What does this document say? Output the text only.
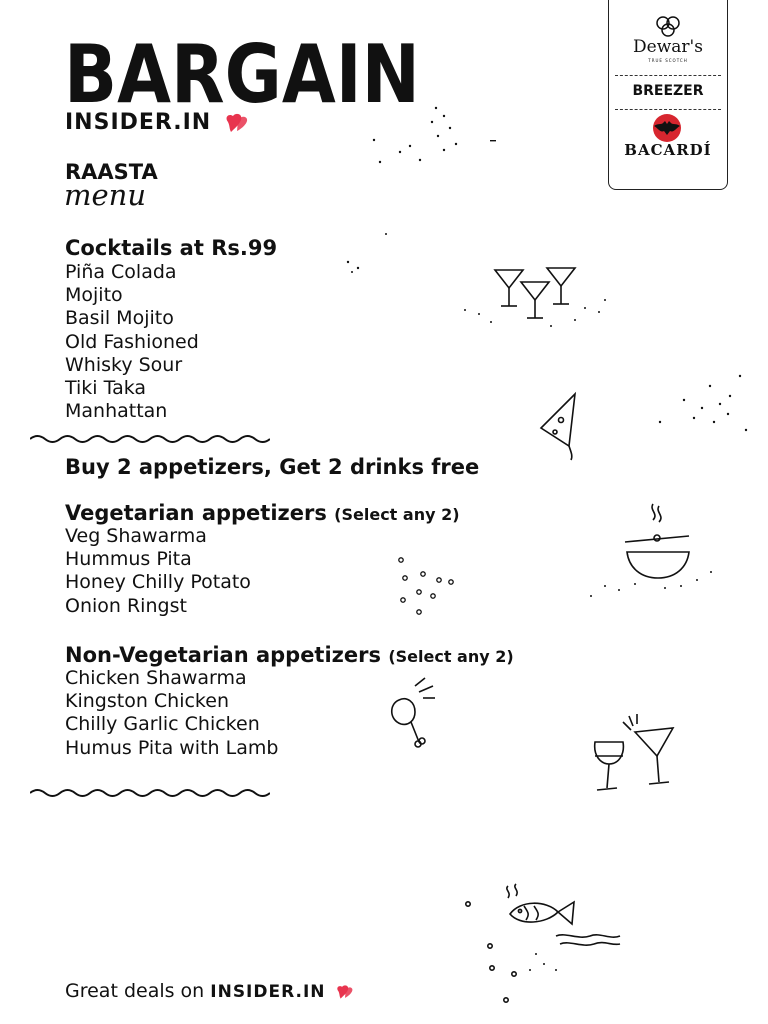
BARGAIN
INSIDER.IN
Dewar's
TRUE SCOTCH
BREEZER
BACARDÍ
RAASTA
menu
Cocktails at Rs.99
Piña Colada
Mojito
Basil Mojito
Old Fashioned
Whisky Sour
Tiki Taka
Manhattan
Buy 2 appetizers, Get 2 drinks free
Vegetarian appetizers (Select any 2)
Veg Shawarma
Hummus Pita
Honey Chilly Potato
Onion Ringst
Non-Vegetarian appetizers (Select any 2)
Chicken Shawarma
Kingston Chicken
Chilly Garlic Chicken
Humus Pita with Lamb
Great deals on INSIDER.IN
